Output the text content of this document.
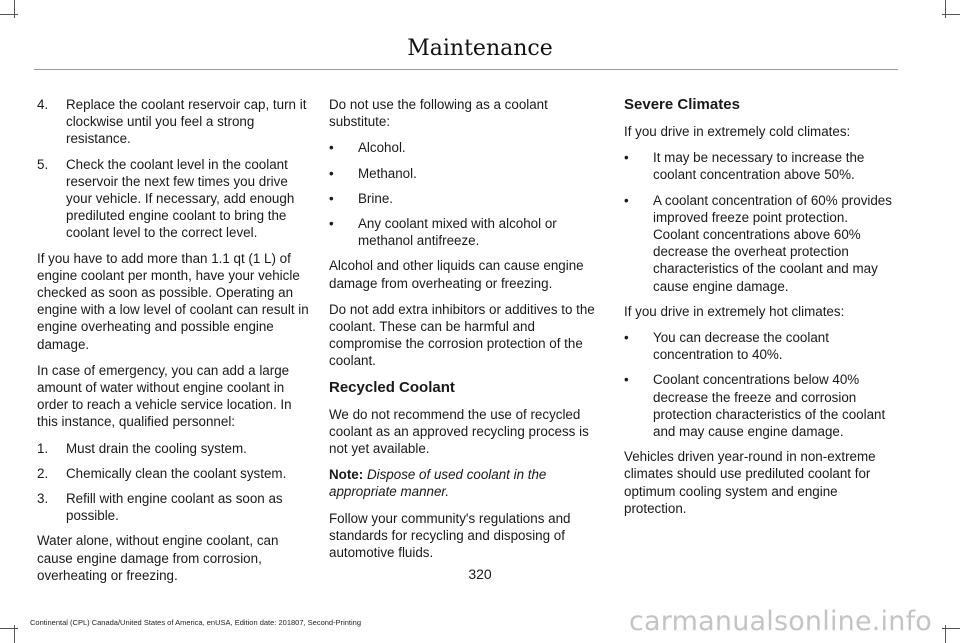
Maintenance
4. Replace the coolant reservoir cap, turn it clockwise until you feel a strong resistance.
5. Check the coolant level in the coolant reservoir the next few times you drive your vehicle. If necessary, add enough prediluted engine coolant to bring the coolant level to the correct level.

If you have to add more than 1.1 qt (1 L) of engine coolant per month, have your vehicle checked as soon as possible. Operating an engine with a low level of coolant can result in engine overheating and possible engine damage.

In case of emergency, you can add a large amount of water without engine coolant in order to reach a vehicle service location. In this instance, qualified personnel:

1. Must drain the cooling system.
2. Chemically clean the coolant system.
3. Refill with engine coolant as soon as possible.

Water alone, without engine coolant, can cause engine damage from corrosion, overheating or freezing.

Do not use the following as a coolant substitute:

• Alcohol.
• Methanol.
• Brine.
• Any coolant mixed with alcohol or methanol antifreeze.

Alcohol and other liquids can cause engine damage from overheating or freezing.

Do not add extra inhibitors or additives to the coolant. These can be harmful and compromise the corrosion protection of the coolant.

Recycled Coolant

We do not recommend the use of recycled coolant as an approved recycling process is not yet available.

Note: Dispose of used coolant in the appropriate manner.

Follow your community's regulations and standards for recycling and disposing of automotive fluids.

Severe Climates

If you drive in extremely cold climates:

• It may be necessary to increase the coolant concentration above 50%.
• A coolant concentration of 60% provides improved freeze point protection. Coolant concentrations above 60% decrease the overheat protection characteristics of the coolant and may cause engine damage.

If you drive in extremely hot climates:

• You can decrease the coolant concentration to 40%.
• Coolant concentrations below 40% decrease the freeze and corrosion protection characteristics of the coolant and may cause engine damage.

Vehicles driven year-round in non-extreme climates should use prediluted coolant for optimum cooling system and engine protection.

320
Continental (CPL) Canada/United States of America, enUSA, Edition date: 201807, Second-Printing	carmanualsonline.info
